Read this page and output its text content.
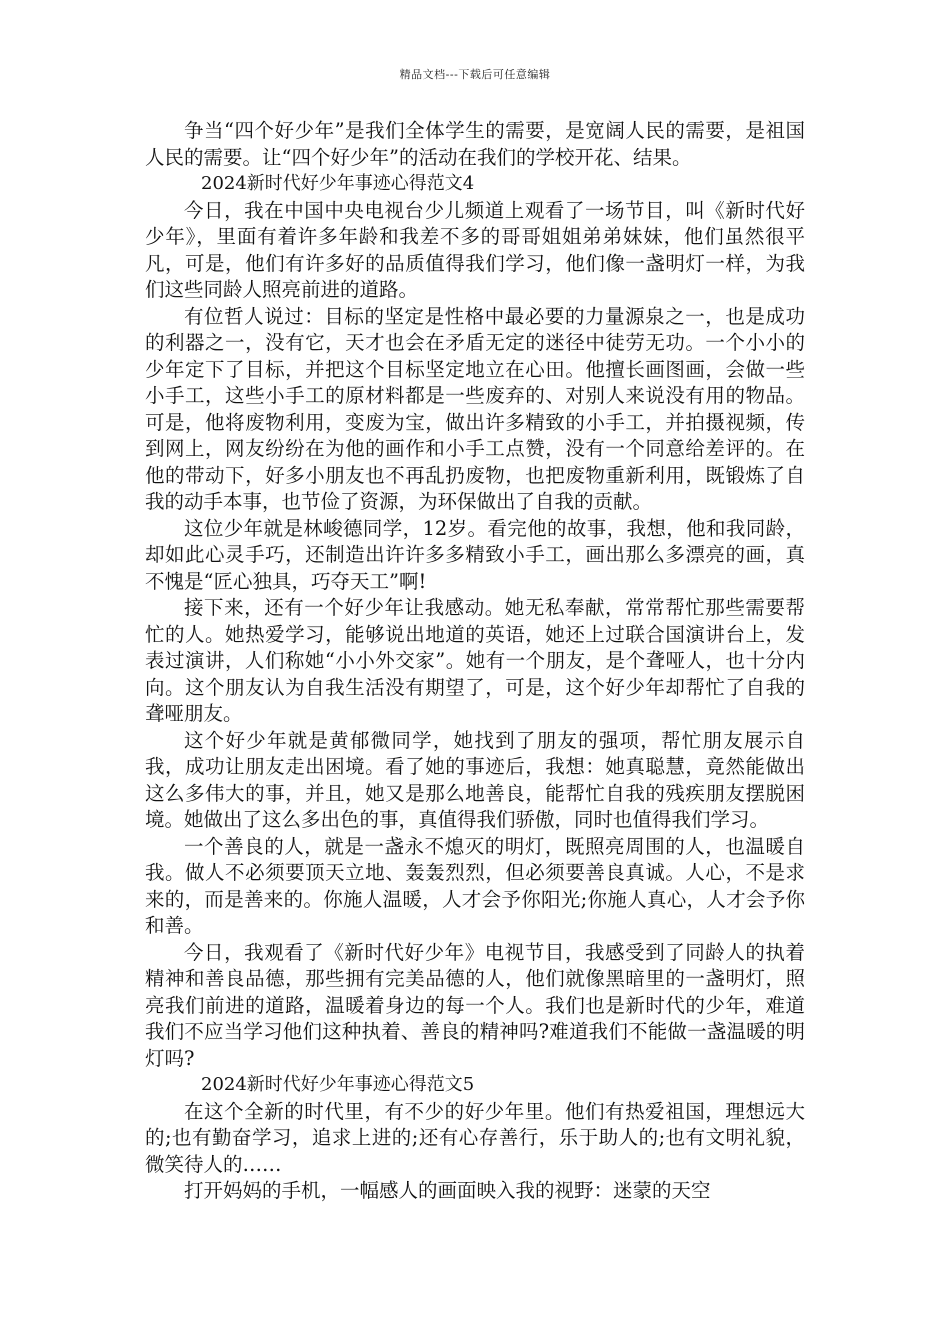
精品文档---下载后可任意编辑

争当“四个好少年”是我们全体学生的需要，是宽阔人民的需要，是祖国人民的需要。让“四个好少年”的活动在我们的学校开花、结果。

2024新时代好少年事迹心得范文4

今日，我在中国中央电视台少儿频道上观看了一场节目，叫《新时代好少年》，里面有着许多年龄和我差不多的哥哥姐姐弟弟妹妹，他们虽然很平凡，可是，他们有许多好的品质值得我们学习，他们像一盏明灯一样，为我们这些同龄人照亮前进的道路。

有位哲人说过：目标的坚定是性格中最必要的力量源泉之一，也是成功的利器之一，没有它，天才也会在矛盾无定的迷径中徒劳无功。一个小小的少年定下了目标，并把这个目标坚定地立在心田。他擅长画图画，会做一些小手工，这些小手工的原材料都是一些废弃的、对别人来说没有用的物品。可是，他将废物利用，变废为宝，做出许多精致的小手工，并拍摄视频，传到网上，网友纷纷在为他的画作和小手工点赞，没有一个同意给差评的。在他的带动下，好多小朋友也不再乱扔废物，也把废物重新利用，既锻炼了自我的动手本事，也节俭了资源，为环保做出了自我的贡献。

这位少年就是林峻德同学，12岁。看完他的故事，我想，他和我同龄，却如此心灵手巧，还制造出许许多多精致小手工，画出那么多漂亮的画，真不愧是“匠心独具，巧夺天工”啊!

接下来，还有一个好少年让我感动。她无私奉献，常常帮忙那些需要帮忙的人。她热爱学习，能够说出地道的英语，她还上过联合国演讲台上，发表过演讲，人们称她“小小外交家”。她有一个朋友，是个聋哑人，也十分内向。这个朋友认为自我生活没有期望了，可是，这个好少年却帮忙了自我的聋哑朋友。

这个好少年就是黄郁微同学，她找到了朋友的强项，帮忙朋友展示自我，成功让朋友走出困境。看了她的事迹后，我想：她真聪慧，竟然能做出这么多伟大的事，并且，她又是那么地善良，能帮忙自我的残疾朋友摆脱困境。她做出了这么多出色的事，真值得我们骄傲，同时也值得我们学习。

一个善良的人，就是一盏永不熄灭的明灯，既照亮周围的人，也温暖自我。做人不必须要顶天立地、轰轰烈烈，但必须要善良真诚。人心，不是求来的，而是善来的。你施人温暖，人才会予你阳光;你施人真心，人才会予你和善。

今日，我观看了《新时代好少年》电视节目，我感受到了同龄人的执着精神和善良品德，那些拥有完美品德的人，他们就像黑暗里的一盏明灯，照亮我们前进的道路，温暖着身边的每一个人。我们也是新时代的少年，难道我们不应当学习他们这种执着、善良的精神吗?难道我们不能做一盏温暖的明灯吗?

2024新时代好少年事迹心得范文5

在这个全新的时代里，有不少的好少年里。他们有热爱祖国，理想远大的;也有勤奋学习，追求上进的;还有心存善行，乐于助人的;也有文明礼貌，微笑待人的……

打开妈妈的手机，一幅感人的画面映入我的视野：迷蒙的天空
